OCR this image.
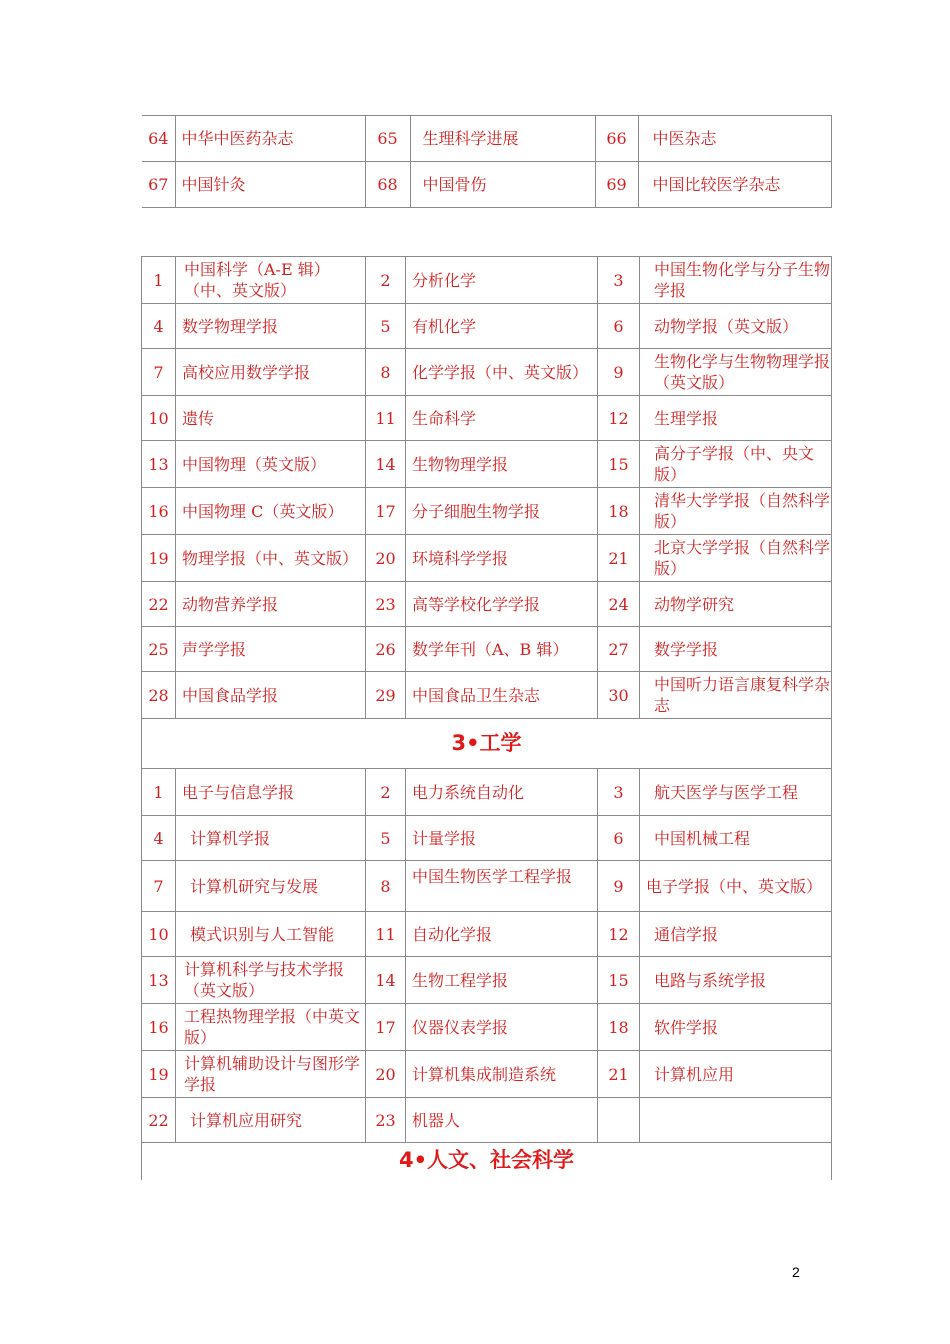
64	中华中医药杂志	65	生理科学进展	66	中医杂志
67	中国针灸	68	中国骨伤	69	中国比较医学杂志
1	中国科学（A-E 辑）（中、英文版）	2	分析化学	3	中国生物化学与分子生物学报
4	数学物理学报	5	有机化学	6	动物学报（英文版）
7	高校应用数学学报	8	化学学报（中、英文版）	9	生物化学与生物物理学报（英文版）
10	遗传	11	生命科学	12	生理学报
13	中国物理（英文版）	14	生物物理学报	15	高分子学报（中、央文版）
16	中国物理 C（英文版）	17	分子细胞生物学报	18	清华大学学报（自然科学版）
19	物理学报（中、英文版）	20	环境科学学报	21	北京大学学报（自然科学版）
22	动物营养学报	23	高等学校化学学报	24	动物学研究
25	声学学报	26	数学年刊（A、B 辑）	27	数学学报
28	中国食品学报	29	中国食品卫生杂志	30	中国听力语言康复科学杂志
3•工学					
1	电子与信息学报	2	电力系统自动化	3	航天医学与医学工程
4	计算机学报	5	计量学报	6	中国机械工程
7	计算机研究与发展	8	中国生物医学工程学报	9	电子学报（中、英文版）
10	模式识别与人工智能	11	自动化学报	12	通信学报
13	计算机科学与技术学报（英文版）	14	生物工程学报	15	电路与系统学报
16	工程热物理学报（中英文版）	17	仪器仪表学报	18	软件学报
19	计算机辅助设计与图形学学报	20	计算机集成制造系统	21	计算机应用
22	计算机应用研究	23	机器人		
4•人文、社会科学					
2
